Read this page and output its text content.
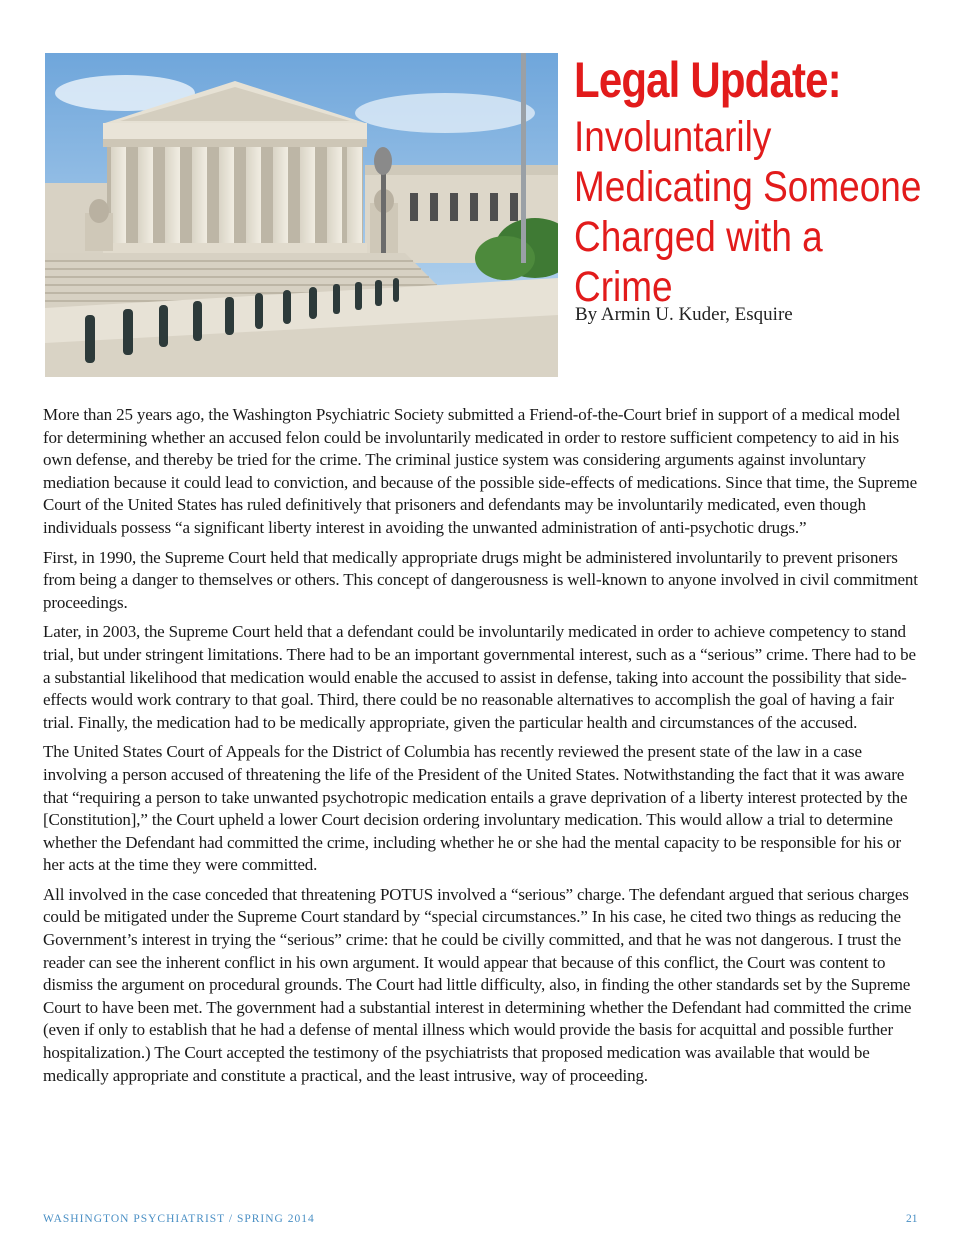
Legal Update:
Involuntarily
Medicating Someone
Charged with a
Crime
By Armin U. Kuder, Esquire

More than 25 years ago, the Washington Psychiatric Society submitted a Friend-of-the-Court brief in support of a medical model for determining whether an accused felon could be involuntarily medicated in order to restore sufficient competency to aid in his own defense, and thereby be tried for the crime. The criminal justice system was considering arguments against involuntary mediation because it could lead to conviction, and because of the possible side-effects of medications. Since that time, the Supreme Court of the United States has ruled definitively that prisoners and defendants may be involuntarily medicated, even though individuals possess “a significant liberty interest in avoiding the unwanted administration of anti-psychotic drugs.”

First, in 1990, the Supreme Court held that medically appropriate drugs might be administered involuntarily to prevent prisoners from being a danger to themselves or others. This concept of dangerousness is well-known to anyone involved in civil commitment proceedings.

Later, in 2003, the Supreme Court held that a defendant could be involuntarily medicated in order to achieve competency to stand trial, but under stringent limitations. There had to be an important governmental interest, such as a “serious” crime. There had to be a substantial likelihood that medication would enable the accused to assist in defense, taking into account the possibility that side-effects would work contrary to that goal. Third, there could be no reasonable alternatives to accomplish the goal of having a fair trial. Finally, the medication had to be medically appropriate, given the particular health and circumstances of the accused.

The United States Court of Appeals for the District of Columbia has recently reviewed the present state of the law in a case involving a person accused of threatening the life of the President of the United States. Notwithstanding the fact that it was aware that “requiring a person to take unwanted psychotropic medication entails a grave deprivation of a liberty interest protected by the [Constitution],” the Court upheld a lower Court decision ordering involuntary medication. This would allow a trial to determine whether the Defendant had committed the crime, including whether he or she had the mental capacity to be responsible for his or her acts at the time they were committed.

All involved in the case conceded that threatening POTUS involved a “serious” charge. The defendant argued that serious charges could be mitigated under the Supreme Court standard by “special circumstances.” In his case, he cited two things as reducing the Government’s interest in trying the “serious” crime: that he could be civilly committed, and that he was not dangerous. I trust the reader can see the inherent conflict in his own argument. It would appear that because of this conflict, the Court was content to dismiss the argument on procedural grounds. The Court had little difficulty, also, in finding the other standards set by the Supreme Court to have been met. The government had a substantial interest in determining whether the Defendant had committed the crime (even if only to establish that he had a defense of mental illness which would provide the basis for acquittal and possible further hospitalization.) The Court accepted the testimony of the psychiatrists that proposed medication was available that would be medically appropriate and constitute a practical, and the least intrusive, way of proceeding.

WASHINGTON PSYCHIATRIST / SPRING 2014	21
